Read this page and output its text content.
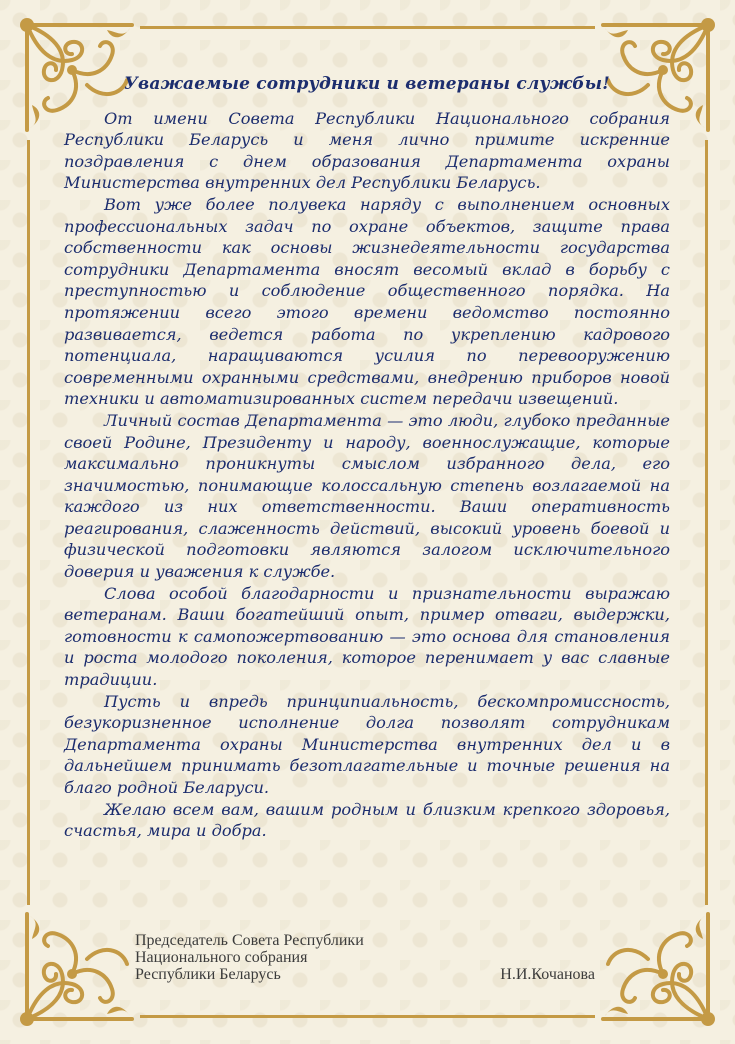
Уважаемые сотрудники и ветераны службы!

От имени Совета Республики Национального собрания Республики Беларусь и меня лично примите искренние поздравления с днем образования Департамента охраны Министерства внутренних дел Республики Беларусь.

Вот уже более полувека наряду с выполнением основных профессиональных задач по охране объектов, защите права собственности как основы жизнедеятельности государства сотрудники Департамента вносят весомый вклад в борьбу с преступностью и соблюдение общественного порядка. На протяжении всего этого времени ведомство постоянно развивается, ведется работа по укреплению кадрового потенциала, наращиваются усилия по перевооружению современными охранными средствами, внедрению приборов новой техники и автоматизированных систем передачи извещений.

Личный состав Департамента — это люди, глубоко преданные своей Родине, Президенту и народу, военнослужащие, которые максимально проникнуты смыслом избранного дела, его значимостью, понимающие колоссальную степень возлагаемой на каждого из них ответственности. Ваши оперативность реагирования, слаженность действий, высокий уровень боевой и физической подготовки являются залогом исключительного доверия и уважения к службе.

Слова особой благодарности и признательности выражаю ветеранам. Ваши богатейший опыт, пример отваги, выдержки, готовности к самопожертвованию — это основа для становления и роста молодого поколения, которое перенимает у вас славные традиции.

Пусть и впредь принципиальность, бескомпромиссность, безукоризненное исполнение долга позволят сотрудникам Департамента охраны Министерства внутренних дел и в дальнейшем принимать безотлагательные и точные решения на благо родной Беларуси.

Желаю всем вам, вашим родным и близким крепкого здоровья, счастья, мира и добра.

Председатель Совета Республики
Национального собрания
Республики Беларусь	Н.И.Кочанова
